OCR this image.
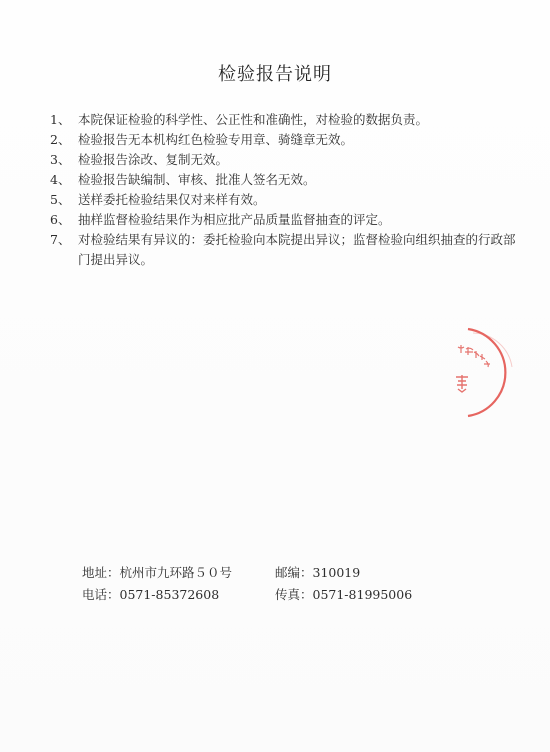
检验报告说明
1、 本院保证检验的科学性、公正性和准确性，对检验的数据负责。
2、 检验报告无本机构红色检验专用章、骑缝章无效。
3、 检验报告涂改、复制无效。
4、 检验报告缺编制、审核、批准人签名无效。
5、 送样委托检验结果仅对来样有效。
6、 抽样监督检验结果作为相应批产品质量监督抽查的评定。
7、 对检验结果有异议的：委托检验向本院提出异议；监督检验向组织抽查的行政部门提出异议。
地址：杭州市九环路５０号	邮编：310019
电话：0571-85372608	传真：0571-81995006
